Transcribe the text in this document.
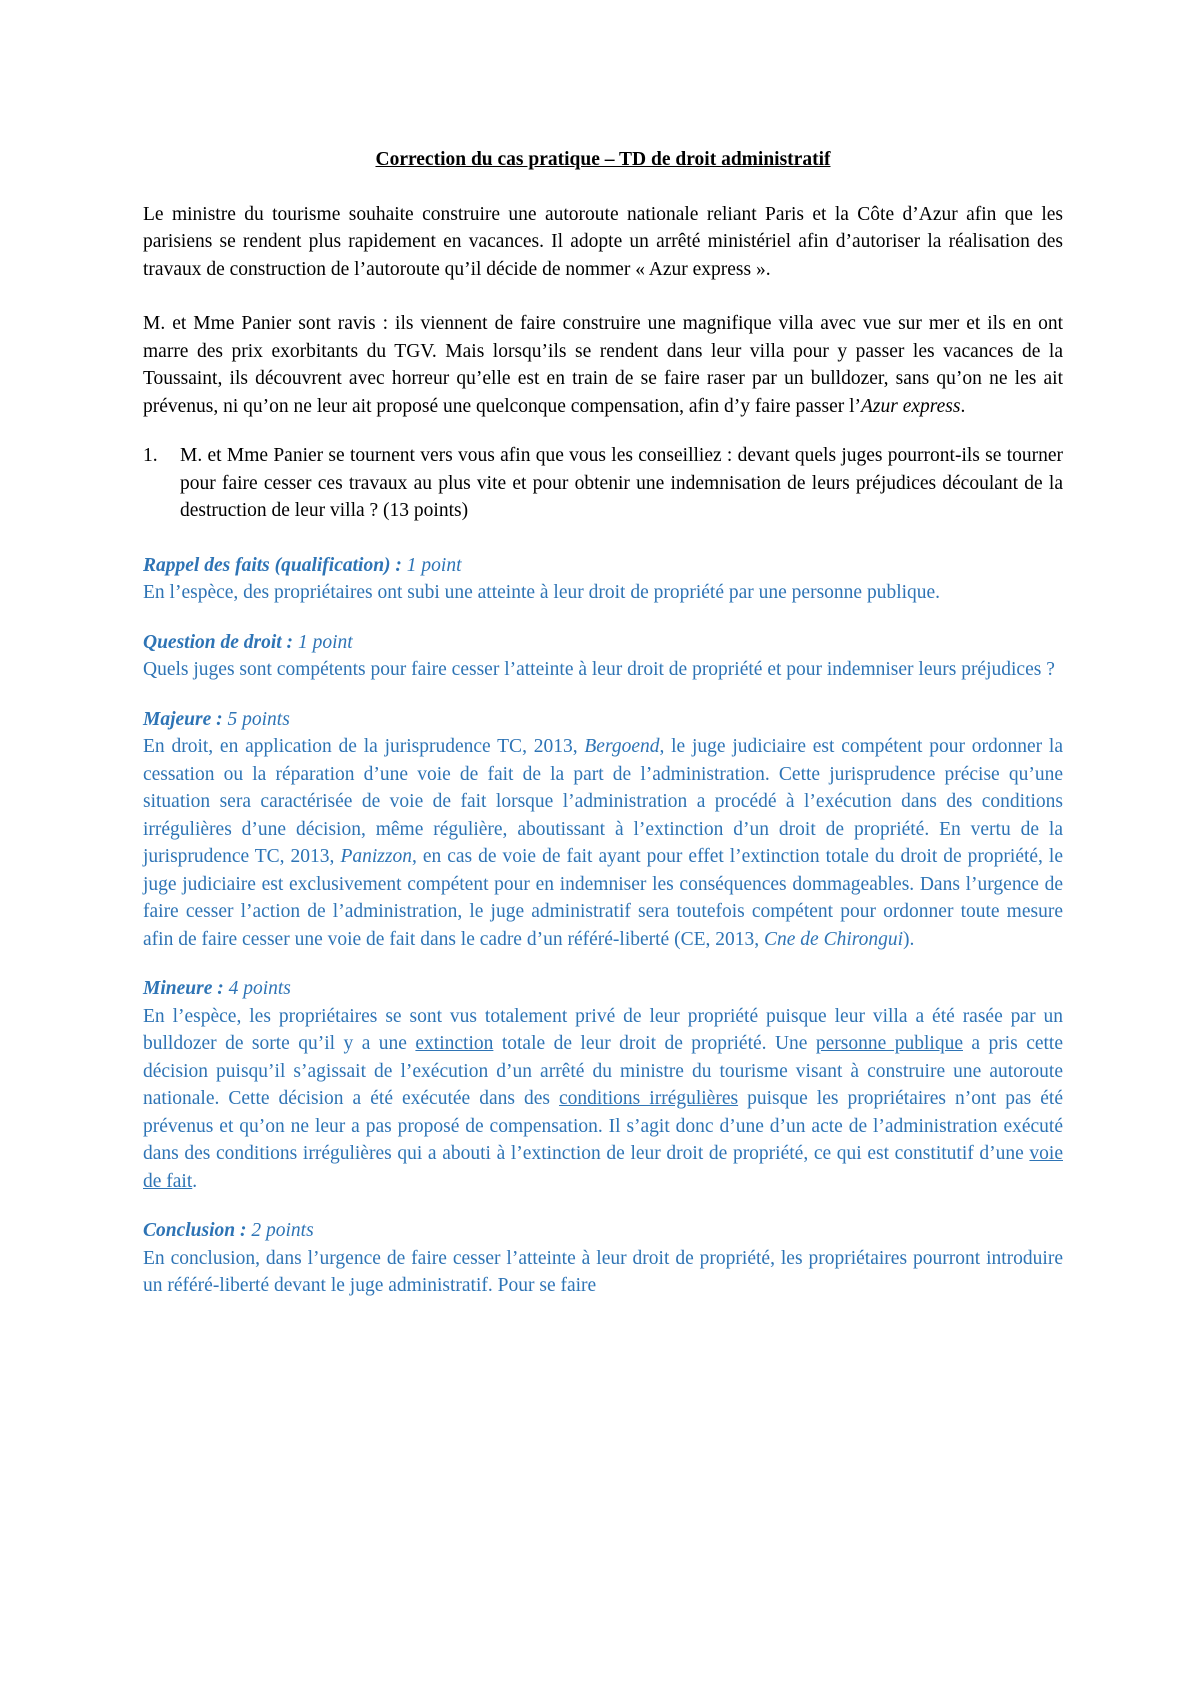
Correction du cas pratique – TD de droit administratif

Le ministre du tourisme souhaite construire une autoroute nationale reliant Paris et la Côte d’Azur afin que les parisiens se rendent plus rapidement en vacances. Il adopte un arrêté ministériel afin d’autoriser la réalisation des travaux de construction de l’autoroute qu’il décide de nommer « Azur express ».

M. et Mme Panier sont ravis : ils viennent de faire construire une magnifique villa avec vue sur mer et ils en ont marre des prix exorbitants du TGV. Mais lorsqu’ils se rendent dans leur villa pour y passer les vacances de la Toussaint, ils découvrent avec horreur qu’elle est en train de se faire raser par un bulldozer, sans qu’on ne les ait prévenus, ni qu’on ne leur ait proposé une quelconque compensation, afin d’y faire passer l’Azur express.

1.	M. et Mme Panier se tournent vers vous afin que vous les conseilliez : devant quels juges pourront-ils se tourner pour faire cesser ces travaux au plus vite et pour obtenir une indemnisation de leurs préjudices découlant de la destruction de leur villa ? (13 points)
Rappel des faits (qualification) : 1 point

En l’espèce, des propriétaires ont subi une atteinte à leur droit de propriété par une personne publique.

Question de droit : 1 point

Quels juges sont compétents pour faire cesser l’atteinte à leur droit de propriété et pour indemniser leurs préjudices ?

Majeure : 5 points

En droit, en application de la jurisprudence TC, 2013, Bergoend, le juge judiciaire est compétent pour ordonner la cessation ou la réparation d’une voie de fait de la part de l’administration. Cette jurisprudence précise qu’une situation sera caractérisée de voie de fait lorsque l’administration a procédé à l’exécution dans des conditions irrégulières d’une décision, même régulière, aboutissant à l’extinction d’un droit de propriété. En vertu de la jurisprudence TC, 2013, Panizzon, en cas de voie de fait ayant pour effet l’extinction totale du droit de propriété, le juge judiciaire est exclusivement compétent pour en indemniser les conséquences dommageables. Dans l’urgence de faire cesser l’action de l’administration, le juge administratif sera toutefois compétent pour ordonner toute mesure afin de faire cesser une voie de fait dans le cadre d’un référé-liberté (CE, 2013, Cne de Chirongui).

Mineure : 4 points

En l’espèce, les propriétaires se sont vus totalement privé de leur propriété puisque leur villa a été rasée par un bulldozer de sorte qu’il y a une extinction totale de leur droit de propriété. Une personne publique a pris cette décision puisqu’il s’agissait de l’exécution d’un arrêté du ministre du tourisme visant à construire une autoroute nationale. Cette décision a été exécutée dans des conditions irrégulières puisque les propriétaires n’ont pas été prévenus et qu’on ne leur a pas proposé de compensation. Il s’agit donc d’une d’un acte de l’administration exécuté dans des conditions irrégulières qui a abouti à l’extinction de leur droit de propriété, ce qui est constitutif d’une voie de fait.

Conclusion : 2 points

En conclusion, dans l’urgence de faire cesser l’atteinte à leur droit de propriété, les propriétaires pourront introduire un référé-liberté devant le juge administratif. Pour se faire
